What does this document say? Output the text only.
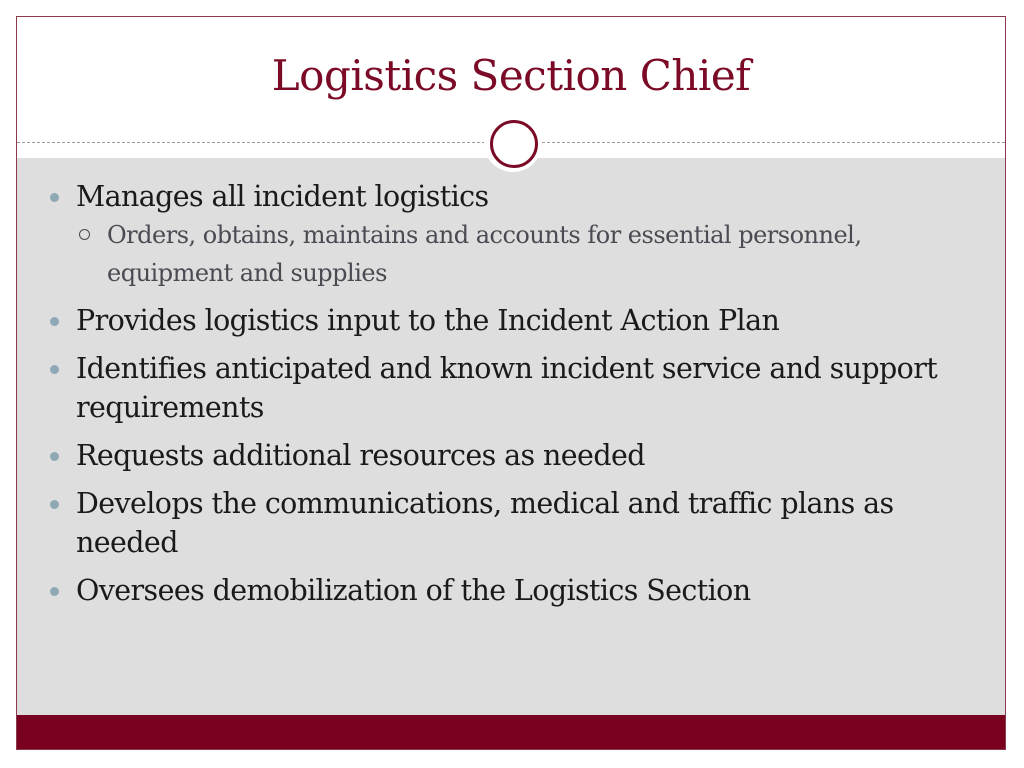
Logistics Section Chief
Manages all incident logistics
Orders, obtains, maintains and accounts for essential personnel, equipment and supplies
Provides logistics input to the Incident Action Plan
Identifies anticipated and known incident service and support requirements
Requests additional resources as needed
Develops the communications, medical and traffic plans as needed
Oversees demobilization of the Logistics Section
